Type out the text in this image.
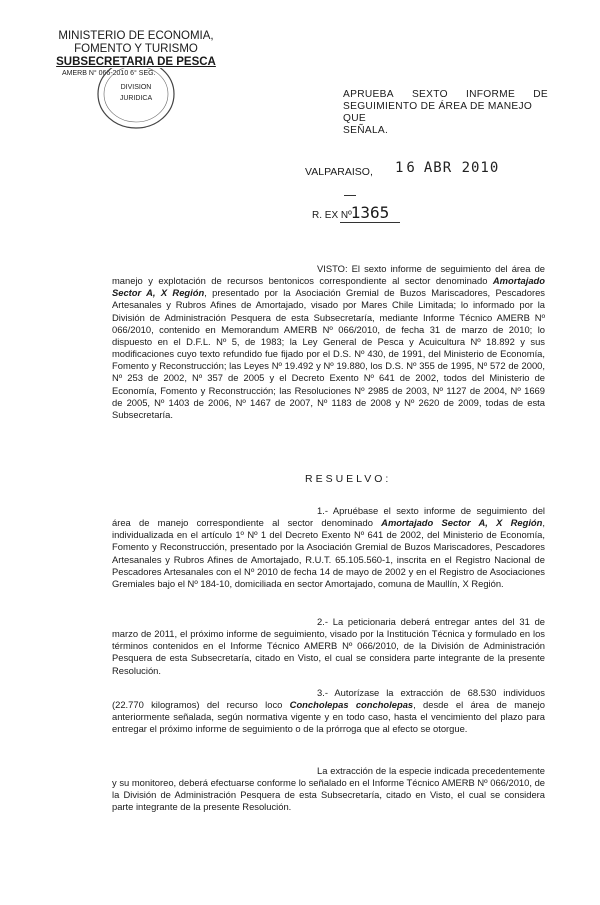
MINISTERIO DE ECONOMIA,
FOMENTO Y TURISMO
SUBSECRETARIA DE PESCA
AMERB N° 066-2010 6° SEG.
DIVISION
JURIDICA	APRUEBA SEXTO INFORME DE
SEGUIMIENTO DE ÁREA DE MANEJO QUE
SEÑALA.
VALPARAISO, 16 ABR 2010
R. EX Nº
1365

VISTO: El sexto informe de seguimiento del área de manejo y explotación de recursos bentonicos correspondiente al sector denominado Amortajado Sector A, X Región, presentado por la Asociación Gremial de Buzos Mariscadores, Pescadores Artesanales y Rubros Afines de Amortajado, visado por Mares Chile Limitada; lo informado por la División de Administración Pesquera de esta Subsecretaría, mediante Informe Técnico AMERB Nº 066/2010, contenido en Memorandum AMERB Nº 066/2010, de fecha 31 de marzo de 2010; lo dispuesto en el D.F.L. Nº 5, de 1983; la Ley General de Pesca y Acuicultura Nº 18.892 y sus modificaciones cuyo texto refundido fue fijado por el D.S. Nº 430, de 1991, del Ministerio de Economía, Fomento y Reconstrucción; las Leyes Nº 19.492 y Nº 19.880, los D.S. Nº 355 de 1995, Nº 572 de 2000, Nº 253 de 2002, Nº 357 de 2005 y el Decreto Exento Nº 641 de 2002, todos del Ministerio de Economía, Fomento y Reconstrucción; las Resoluciones Nº 2985 de 2003, Nº 1127 de 2004, Nº 1669 de 2005, Nº 1403 de 2006, Nº 1467 de 2007, Nº 1183 de 2008 y Nº 2620 de 2009, todas de esta Subsecretaría.

RESUELVO:

1.- Apruébase el sexto informe de seguimiento del área de manejo correspondiente al sector denominado Amortajado Sector A, X Región, individualizada en el artículo 1º Nº 1 del Decreto Exento Nº 641 de 2002, del Ministerio de Economía, Fomento y Reconstrucción, presentado por la Asociación Gremial de Buzos Mariscadores, Pescadores Artesanales y Rubros Afines de Amortajado, R.U.T. 65.105.560-1, inscrita en el Registro Nacional de Pescadores Artesanales con el Nº 2010 de fecha 14 de mayo de 2002 y en el Registro de Asociaciones Gremiales bajo el Nº 184-10, domiciliada en sector Amortajado, comuna de Maullín, X Región.

2.- La peticionaria deberá entregar antes del 31 de marzo de 2011, el próximo informe de seguimiento, visado por la Institución Técnica y formulado en los términos contenidos en el Informe Técnico AMERB Nº 066/2010, de la División de Administración Pesquera de esta Subsecretaría, citado en Visto, el cual se considera parte integrante de la presente Resolución.

3.- Autorízase la extracción de 68.530 individuos (22.770 kilogramos) del recurso loco Concholepas concholepas, desde el área de manejo anteriormente señalada, según normativa vigente y en todo caso, hasta el vencimiento del plazo para entregar el próximo informe de seguimiento o de la prórroga que al efecto se otorgue.

La extracción de la especie indicada precedentemente y su monitoreo, deberá efectuarse conforme lo señalado en el Informe Técnico AMERB Nº 066/2010, de la División de Administración Pesquera de esta Subsecretaría, citado en Visto, el cual se considera parte integrante de la presente Resolución.
